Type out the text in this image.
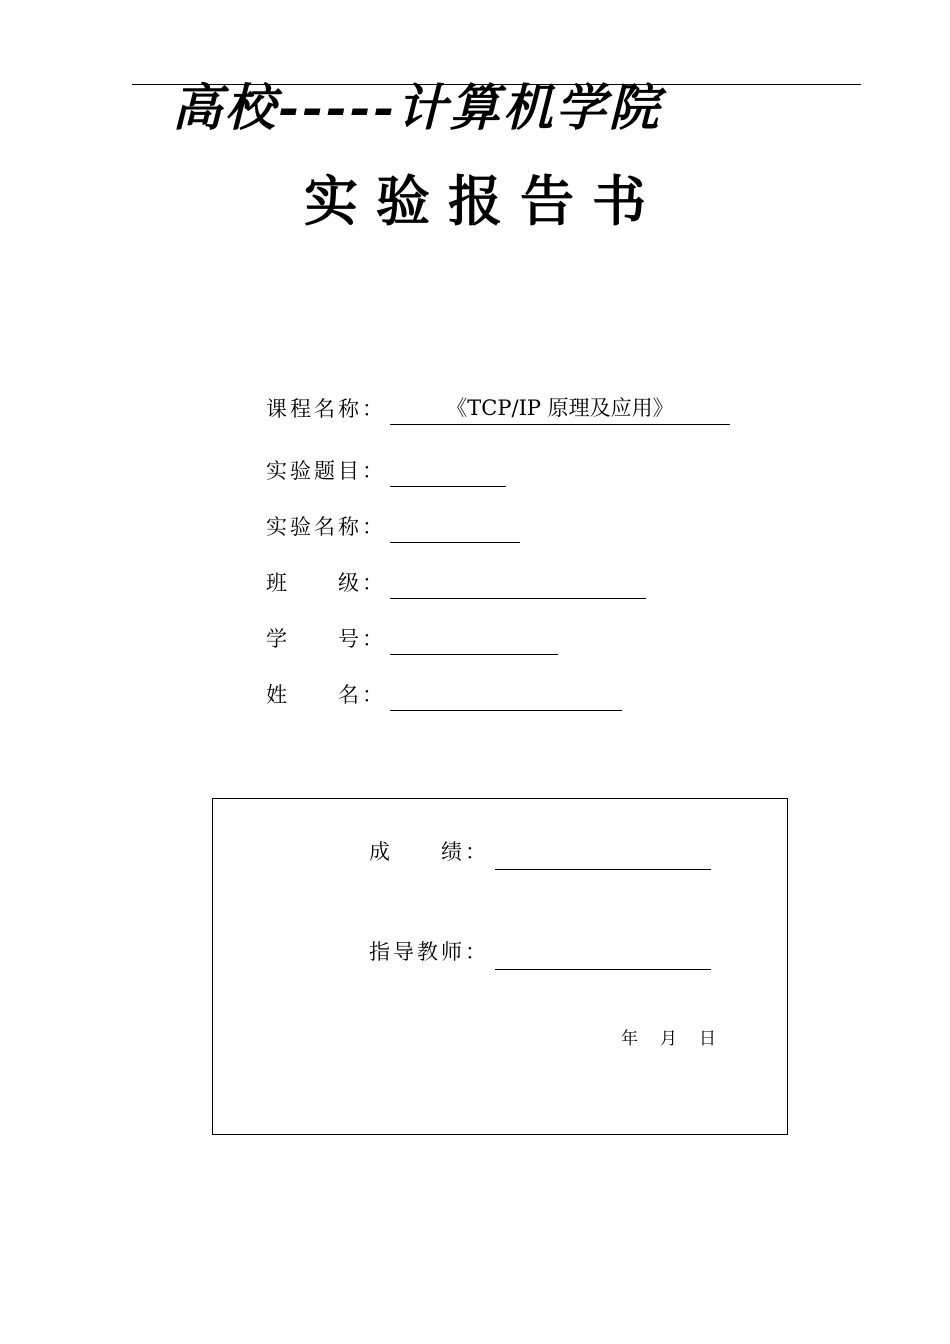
高校-----计算机学院
实验报告书
课程名称：	《TCP/IP 原理及应用》
实验题目：
实验名称：
班 级：
学 号：
姓 名：
成 绩：
指导教师：
年 月 日
